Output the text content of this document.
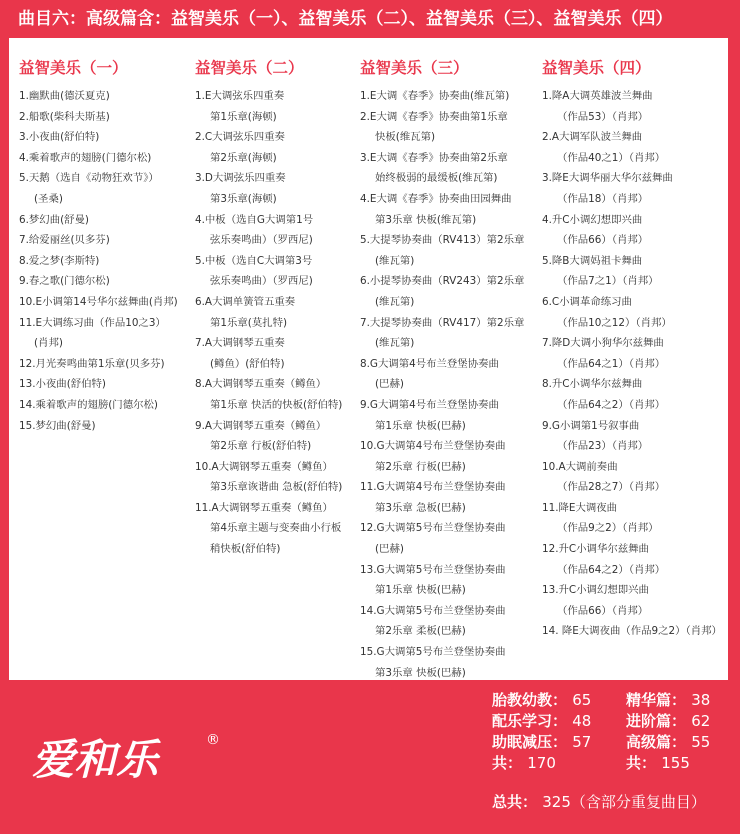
曲目六：高级篇含：益智美乐（一）、益智美乐（二）、益智美乐（三）、益智美乐（四）
益智美乐（一）
1.幽默曲(德沃夏克)
2.船歌(柴科夫斯基)
3.小夜曲(舒伯特)
4.乘着歌声的翅膀(门德尔松)
5.天鹅（选自《动物狂欢节》）
(圣桑)
6.梦幻曲(舒曼)
7.给爱丽丝(贝多芬)
8.爱之梦(李斯特)
9.春之歌(门德尔松)
10.E小调第14号华尔兹舞曲(肖邦)
11.E大调练习曲（作品10之3）
(肖邦)
12.月光奏鸣曲第1乐章(贝多芬)
13.小夜曲(舒伯特)
14.乘着歌声的翅膀(门德尔松)
15.梦幻曲(舒曼)
益智美乐（二）
1.E大调弦乐四重奏
第1乐章(海顿)
2.C大调弦乐四重奏
第2乐章(海顿)
3.D大调弦乐四重奏
第3乐章(海顿)
4.中板（选自G大调第1号
弦乐奏鸣曲）（罗西尼)
5.中板（选自C大调第3号
弦乐奏鸣曲）（罗西尼)
6.A大调单簧管五重奏
第1乐章(莫扎特)
7.A大调钢琴五重奏
(鳟鱼）(舒伯特)
8.A大调钢琴五重奏（鳟鱼）
第1乐章 快活的快板(舒伯特)
9.A大调钢琴五重奏（鳟鱼）
第2乐章 行板(舒伯特)
10.A大调钢琴五重奏（鳟鱼）
第3乐章诙谐曲 急板(舒伯特)
11.A大调钢琴五重奏（鳟鱼）
第4乐章主题与变奏曲小行板
稍快板(舒伯特)
益智美乐（三）
1.E大调《春季》协奏曲(维瓦第)
2.E大调《春季》协奏曲第1乐章
快板(维瓦第)
3.E大调《春季》协奏曲第2乐章
始终极弱的最缓板(维瓦第)
4.E大调《春季》协奏曲田园舞曲
第3乐章 快板(维瓦第)
5.大提琴协奏曲（RV413）第2乐章
(维瓦第)
6.小提琴协奏曲（RV243）第2乐章
(维瓦第)
7.大提琴协奏曲（RV417）第2乐章
(维瓦第)
8.G大调第4号布兰登堡协奏曲
(巴赫)
9.G大调第4号布兰登堡协奏曲
第1乐章 快板(巴赫)
10.G大调第4号布兰登堡协奏曲
第2乐章 行板(巴赫)
11.G大调第4号布兰登堡协奏曲
第3乐章 急板(巴赫)
12.G大调第5号布兰登堡协奏曲
(巴赫)
13.G大调第5号布兰登堡协奏曲
第1乐章 快板(巴赫)
14.G大调第5号布兰登堡协奏曲
第2乐章 柔板(巴赫)
15.G大调第5号布兰登堡协奏曲
第3乐章 快板(巴赫)
益智美乐（四）
1.降A大调英雄波兰舞曲
（作品53）（肖邦）
2.A大调军队波兰舞曲
（作品40之1）（肖邦）
3.降E大调华丽大华尔兹舞曲
（作品18）（肖邦）
4.升C小调幻想即兴曲
（作品66）（肖邦）
5.降B大调妈祖卡舞曲
（作品7之1）（肖邦）
6.C小调革命练习曲
（作品10之12）（肖邦）
7.降D大调小狗华尔兹舞曲
（作品64之1）（肖邦）
8.升C小调华尔兹舞曲
（作品64之2）（肖邦）
9.G小调第1号叙事曲
（作品23）（肖邦）
10.A大调前奏曲
（作品28之7）（肖邦）
11.降E大调夜曲
（作品9之2）（肖邦）
12.升C小调华尔兹舞曲
（作品64之2）（肖邦）
13.升C小调幻想即兴曲
（作品66）（肖邦）
14. 降E大调夜曲（作品9之2）（肖邦）
爱和乐	®
胎教幼教： 65
配乐学习： 48
助眠减压： 57
共： 170
精华篇： 38
进阶篇： 62
高级篇： 55
共： 155
总共： 325（含部分重复曲目）
